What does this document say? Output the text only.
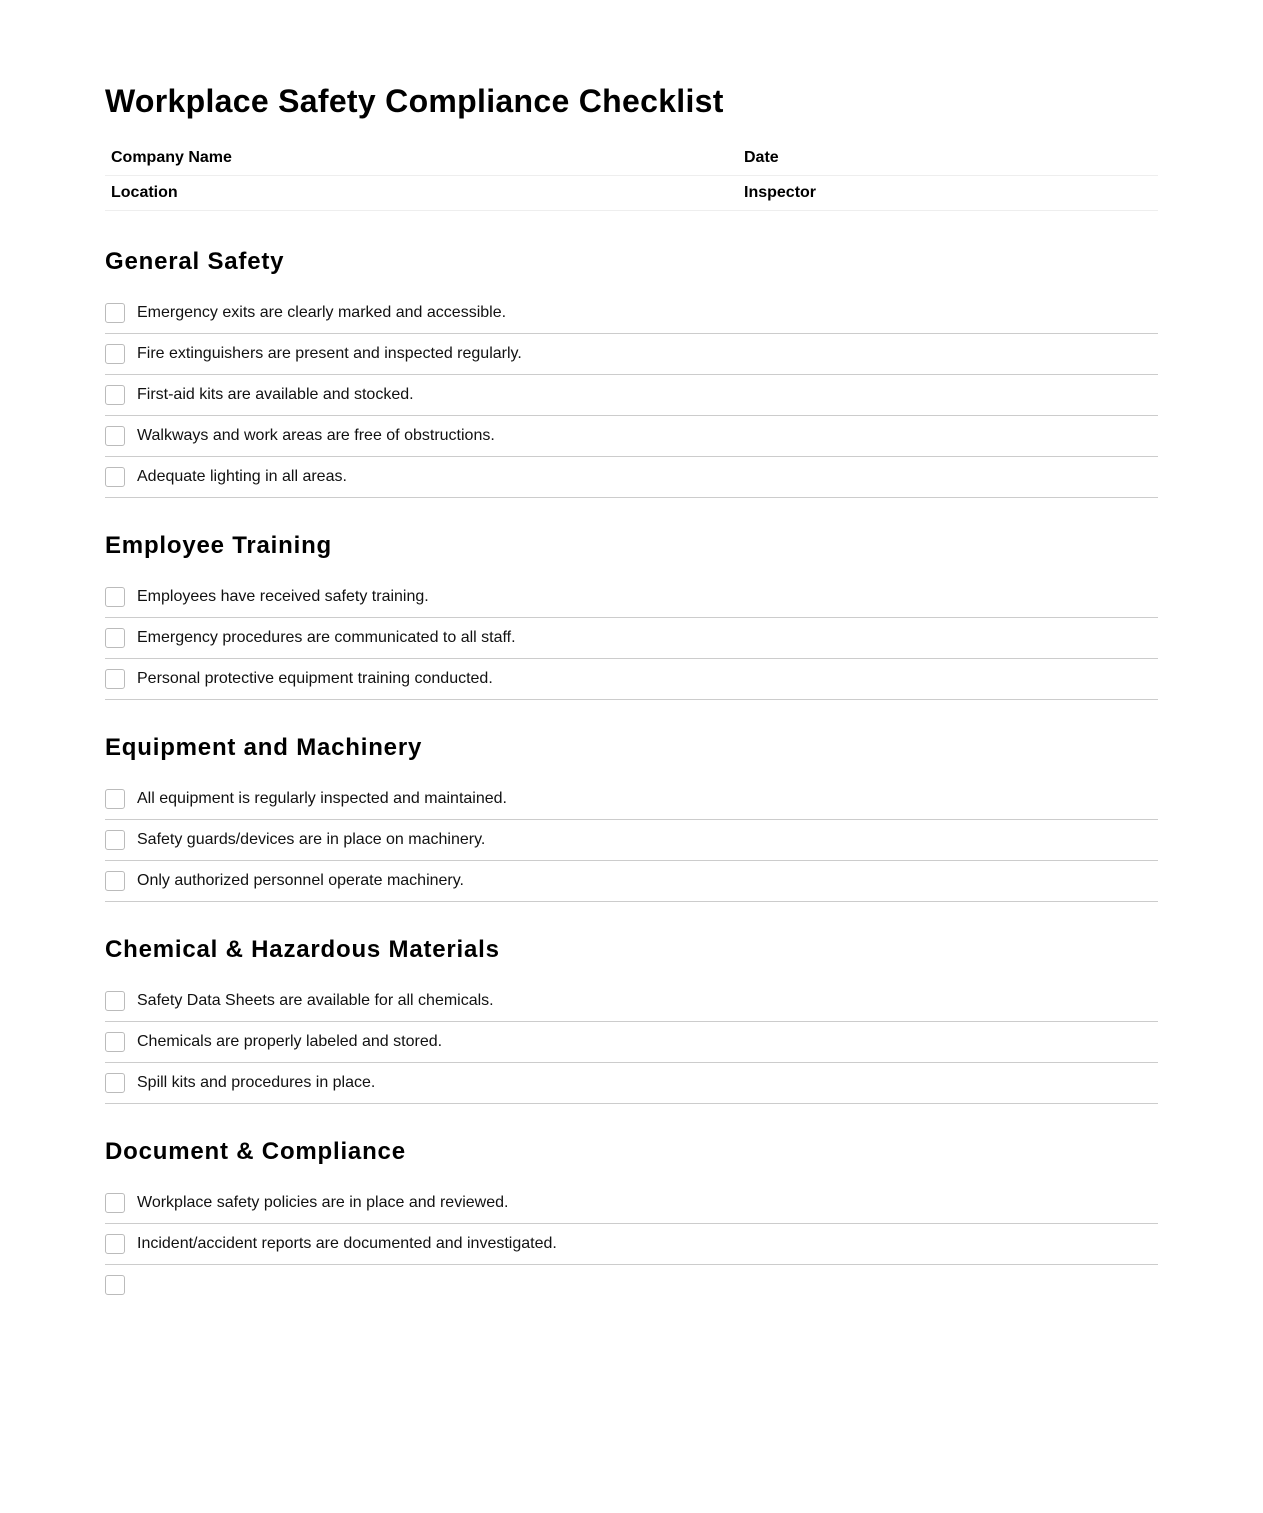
Workplace Safety Compliance Checklist
Company Name	Date
Location	Inspector
General Safety
Emergency exits are clearly marked and accessible.
Fire extinguishers are present and inspected regularly.
First-aid kits are available and stocked.
Walkways and work areas are free of obstructions.
Adequate lighting in all areas.
Employee Training
Employees have received safety training.
Emergency procedures are communicated to all staff.
Personal protective equipment training conducted.
Equipment and Machinery
All equipment is regularly inspected and maintained.
Safety guards/devices are in place on machinery.
Only authorized personnel operate machinery.
Chemical & Hazardous Materials
Safety Data Sheets are available for all chemicals.
Chemicals are properly labeled and stored.
Spill kits and procedures in place.
Document & Compliance
Workplace safety policies are in place and reviewed.
Incident/accident reports are documented and investigated.
